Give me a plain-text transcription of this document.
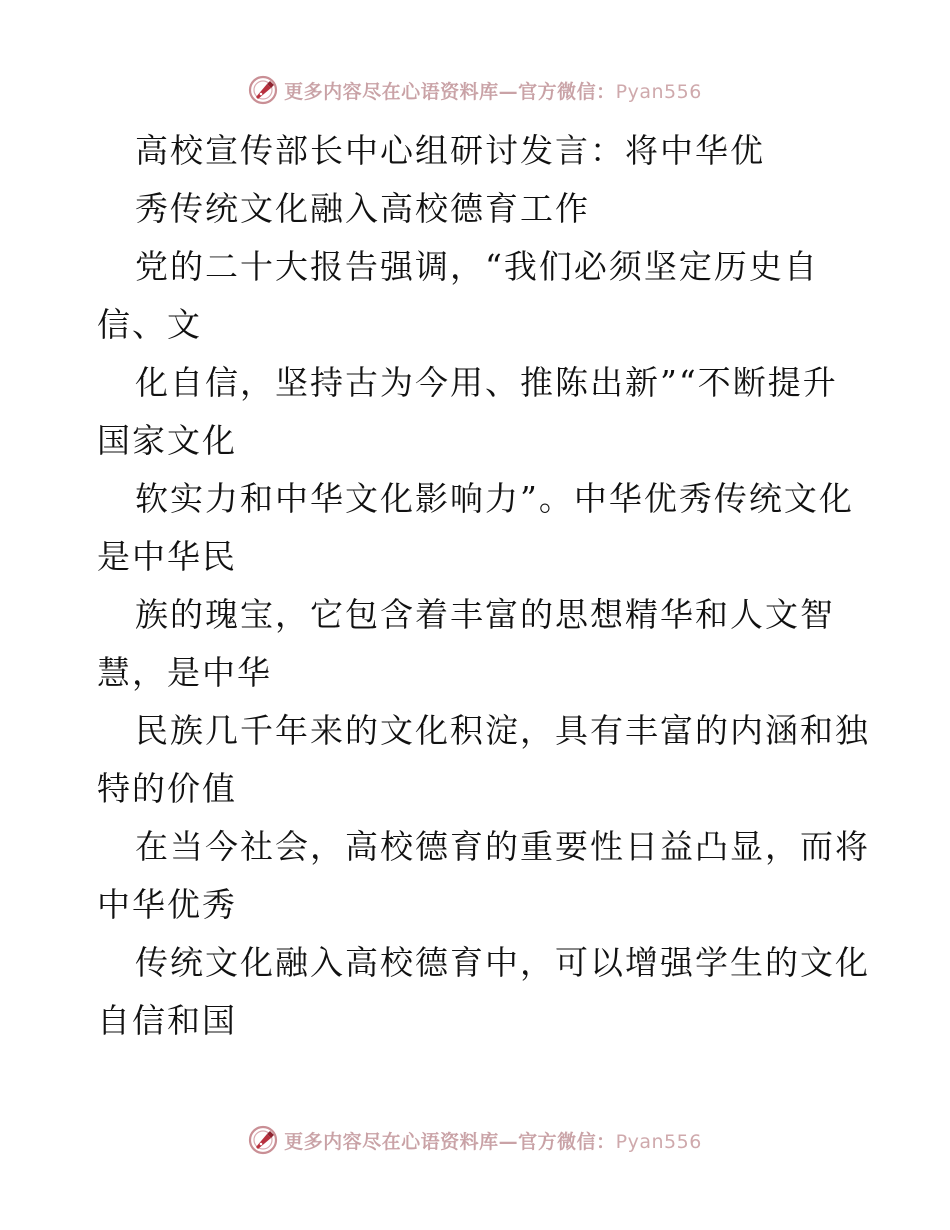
更多内容尽在心语资料库—官方微信：Pyan556
高校宣传部长中心组研讨发言：将中华优
秀传统文化融入高校德育工作
党的二十大报告强调，“我们必须坚定历史自
信、文
化自信，坚持古为今用、推陈出新”“不断提升
国家文化
软实力和中华文化影响力”。中华优秀传统文化
是中华民
族的瑰宝，它包含着丰富的思想精华和人文智
慧，是中华
民族几千年来的文化积淀，具有丰富的内涵和独
特的价值
在当今社会，高校德育的重要性日益凸显，而将
中华优秀
传统文化融入高校德育中，可以增强学生的文化
自信和国
更多内容尽在心语资料库—官方微信：Pyan556
